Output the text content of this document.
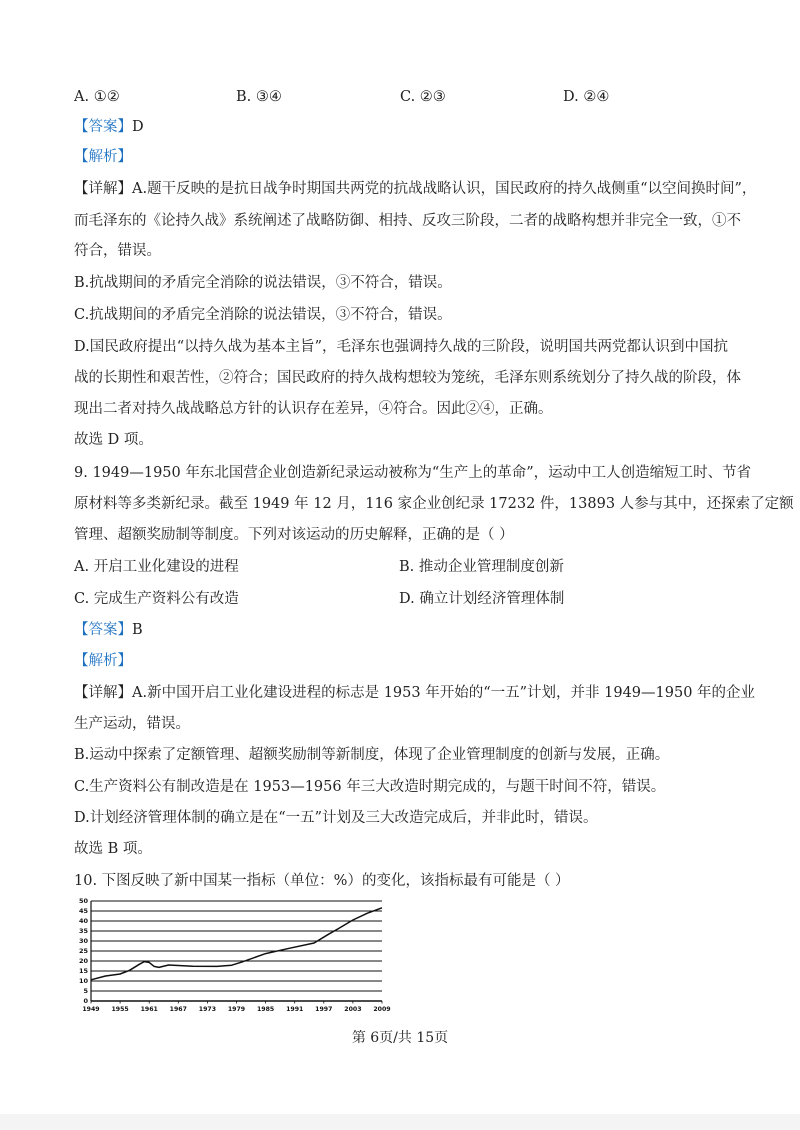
A. ①②	B. ③④	C. ②③	D. ②④
【答案】D
【解析】
【详解】A.题干反映的是抗日战争时期国共两党的抗战战略认识，国民政府的持久战侧重“以空间换时间”，
而毛泽东的《论持久战》系统阐述了战略防御、相持、反攻三阶段，二者的战略构想并非完全一致，①不
符合，错误。
B.抗战期间的矛盾完全消除的说法错误，③不符合，错误。
C.抗战期间的矛盾完全消除的说法错误，③不符合，错误。
D.国民政府提出“以持久战为基本主旨”，毛泽东也强调持久战的三阶段，说明国共两党都认识到中国抗
战的长期性和艰苦性，②符合；国民政府的持久战构想较为笼统，毛泽东则系统划分了持久战的阶段，体
现出二者对持久战战略总方针的认识存在差异，④符合。因此②④，正确。
故选 D 项。
9. 1949—1950 年东北国营企业创造新纪录运动被称为“生产上的革命”，运动中工人创造缩短工时、节省
原材料等多类新纪录。截至 1949 年 12 月，116 家企业创纪录 17232 件，13893 人参与其中，还探索了定额
管理、超额奖励制等制度。下列对该运动的历史解释，正确的是（ ）
A. 开启工业化建设的进程	B. 推动企业管理制度创新
C. 完成生产资料公有改造	D. 确立计划经济管理体制
【答案】B
【解析】
【详解】A.新中国开启工业化建设进程的标志是 1953 年开始的“一五”计划，并非 1949—1950 年的企业
生产运动，错误。
B.运动中探索了定额管理、超额奖励制等新制度，体现了企业管理制度的创新与发展，正确。
C.生产资料公有制改造是在 1953—1956 年三大改造时期完成的，与题干时间不符，错误。
D.计划经济管理体制的确立是在“一五”计划及三大改造完成后，并非此时，错误。
故选 B 项。
10. 下图反映了新中国某一指标（单位：%）的变化，该指标最有可能是（ ）
0
5
10
15
20
25
30
35
40
45
50
1949 1955 1961 1967 1973 1979 1985 1991 1997 2003 2009
第 6页/共 15页
